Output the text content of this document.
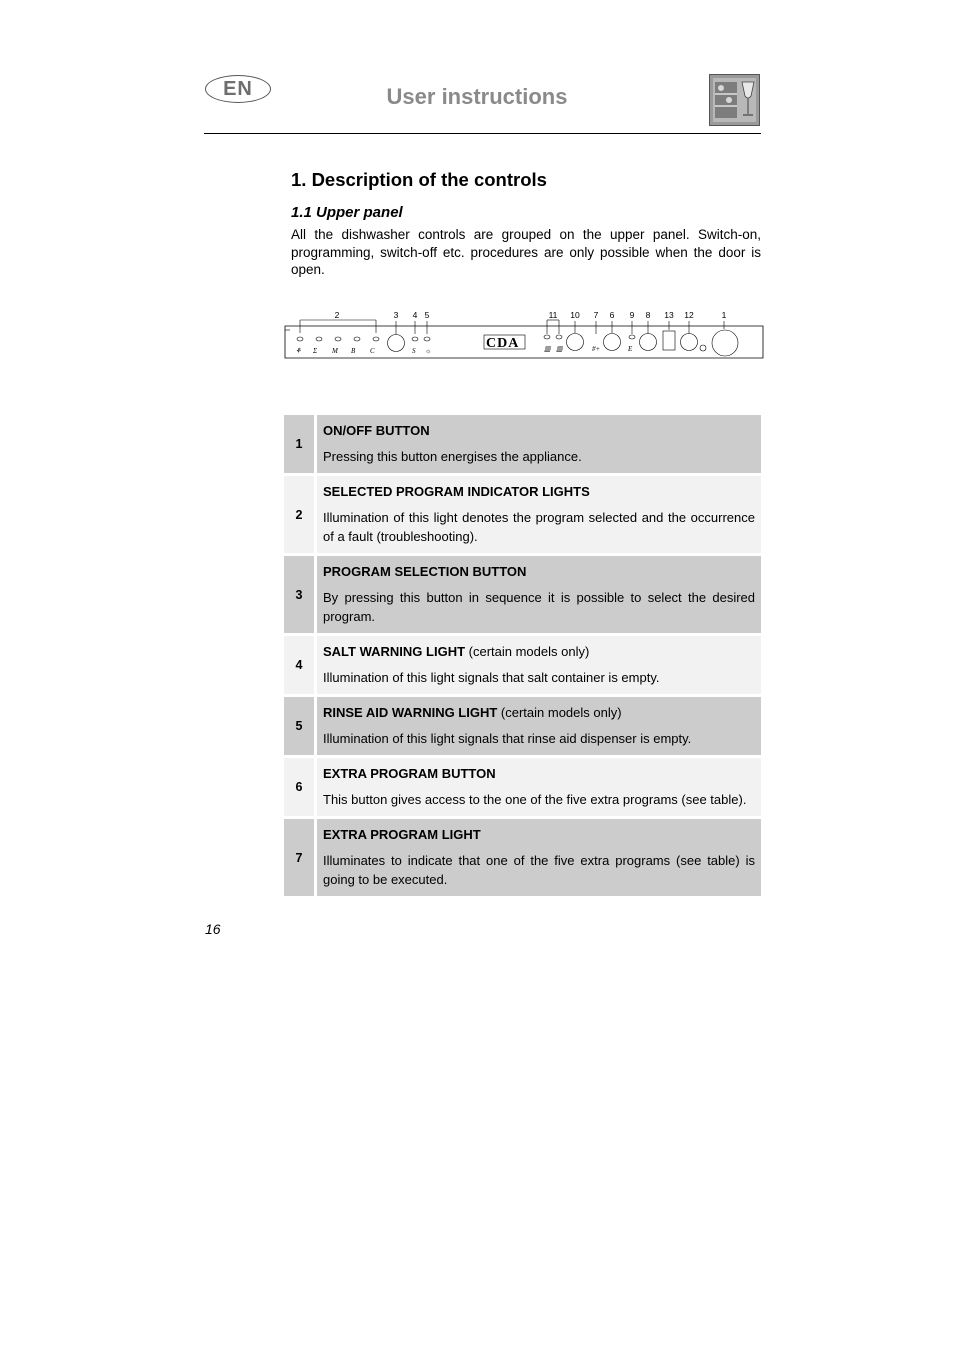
EN	User instructions
1. Description of the controls
1.1 Upper panel
All the dishwasher controls are grouped on the upper panel. Switch-on, programming, switch-off etc. procedures are only possible when the door is open.
2	3 4 5	11 10 7 6 9 8 13 12	1
⚘ Σ M B C	S ☼	▥ ▥	#+	E
CDA
1	ON/OFF BUTTON
Pressing this button energises the appliance.

2	SELECTED PROGRAM INDICATOR LIGHTS
Illumination of this light denotes the program selected and the occurrence of a fault (troubleshooting).

3	PROGRAM SELECTION BUTTON
By pressing this button in sequence it is possible to select the desired program.

4	SALT WARNING LIGHT (certain models only)
Illumination of this light signals that salt container is empty.

5	RINSE AID WARNING LIGHT (certain models only)
Illumination of this light signals that rinse aid dispenser is empty.

6	EXTRA PROGRAM BUTTON
This button gives access to the one of the five extra programs (see table).

7	EXTRA PROGRAM LIGHT
Illuminates to indicate that one of the five extra programs (see table) is going to be executed.
16
